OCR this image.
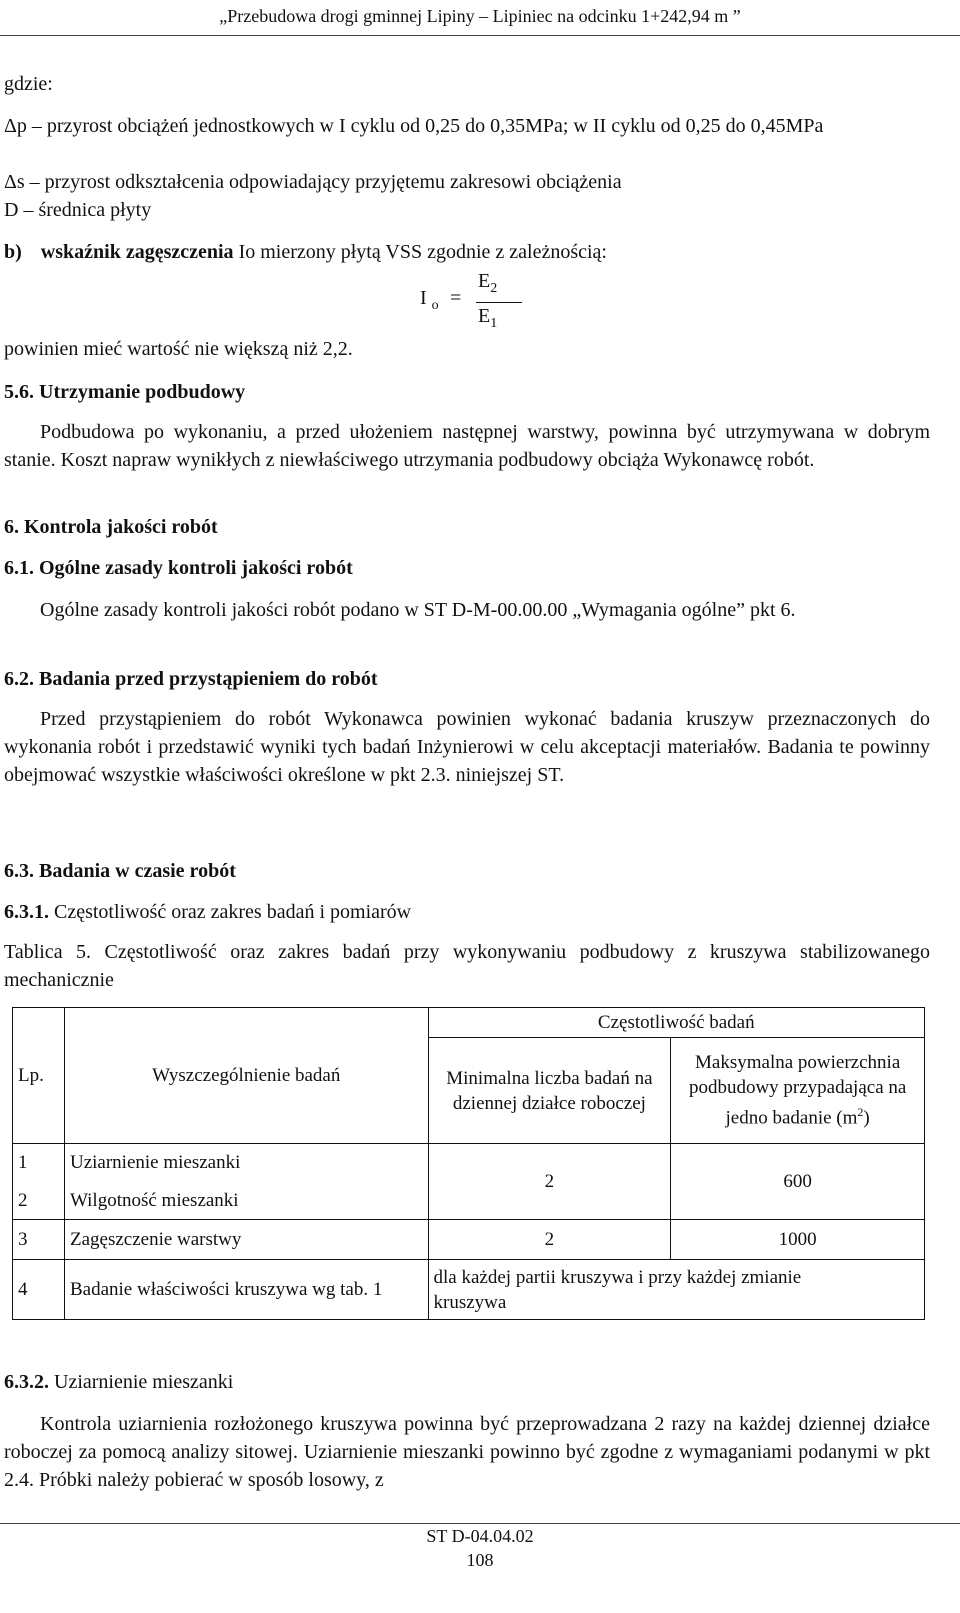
„Przebudowa drogi gminnej Lipiny – Lipiniec na odcinku 1+242,94 m ”
gdzie:
Δp – przyrost obciążeń jednostkowych w I cyklu od 0,25 do 0,35MPa; w II cyklu od 0,25 do 0,45MPa
Δs – przyrost odkształcenia odpowiadający przyjętemu zakresowi obciążenia
D – średnica płyty
b) wskaźnik zagęszczenia Io mierzony płytą VSS zgodnie z zależnością:
I $_o$ =
$E_2$
$E_1$
powinien mieć wartość nie większą niż 2,2.
5.6. Utrzymanie podbudowy
Podbudowa po wykonaniu, a przed ułożeniem następnej warstwy, powinna być utrzymywana w dobrym stanie. Koszt napraw wynikłych z niewłaściwego utrzymania podbudowy obciąża Wykonawcę robót.
6. Kontrola jakości robót
6.1. Ogólne zasady kontroli jakości robót
Ogólne zasady kontroli jakości robót podano w ST D-M-00.00.00 „Wymagania ogólne” pkt 6.
6.2. Badania przed przystąpieniem do robót
Przed przystąpieniem do robót Wykonawca powinien wykonać badania kruszyw przeznaczonych do wykonania robót i przedstawić wyniki tych badań Inżynierowi w celu akceptacji materiałów. Badania te powinny obejmować wszystkie właściwości określone w pkt 2.3. niniejszej ST.
6.3. Badania w czasie robót
6.3.1. Częstotliwość oraz zakres badań i pomiarów
Tablica 5. Częstotliwość oraz zakres badań przy wykonywaniu podbudowy z kruszywa stabilizowanego mechanicznie
Lp.	Wyszczególnienie badań	Częstotliwość badań	
		Minimalna liczba badań na dziennej działce roboczej	Maksymalna powierzchnia podbudowy przypadająca na jedno badanie $(m^2)$
1	Uziarnienie mieszanki	2	600
2	Wilgotność mieszanki		
3	Zagęszczenie warstwy	2	1000
4	Badanie właściwości kruszywa wg tab. 1	dla każdej partii kruszywa i przy każdej zmianie kruszywa	
6.3.2. Uziarnienie mieszanki
Kontrola uziarnienia rozłożonego kruszywa powinna być przeprowadzana 2 razy na każdej dziennej działce roboczej za pomocą analizy sitowej. Uziarnienie mieszanki powinno być zgodne z wymaganiami podanymi w pkt 2.4. Próbki należy pobierać w sposób losowy, z
ST D-04.04.02
108
